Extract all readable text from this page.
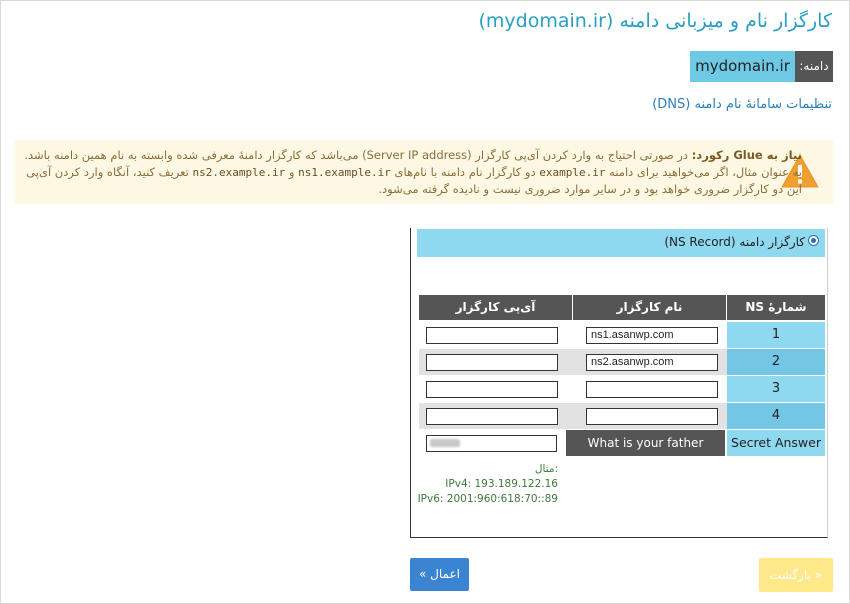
کارگزار نام و میزبانی دامنه (mydomain.ir)
دامنه:
mydomain.ir
تنظیمات سامانهٔ نام دامنه (DNS)
نیاز به Glue رکورد: در صورتی احتیاج به وارد کردن آی‌پی کارگزار (Server IP address) می‌باشد که کارگزار دامنهٔ معرفی شده وابسته به نام همین دامنه باشد. به عنوان مثال، اگر می‌خواهید برای دامنه example.ir دو کارگزار نام دامنه با نام‌های ns1.example.ir و ns2.example.ir تعریف کنید، آنگاه وارد کردن آی‌پی این دو کارگزار ضروری خواهد بود و در سایر موارد ضروری نیست و نادیده گرفته می‌شود.
کارگزار دامنه (NS Record)
شمارهٔ NS
نام کارگزار
آی‌پی کارگزار
1
ns1.asanwp.com
2
ns2.asanwp.com
3
4
Secret Answer
What is your father name?
مثال:
IPv4: 193.189.122.16
IPv6: 2001:960:618:70::89
« بازگشت
اعمال »
